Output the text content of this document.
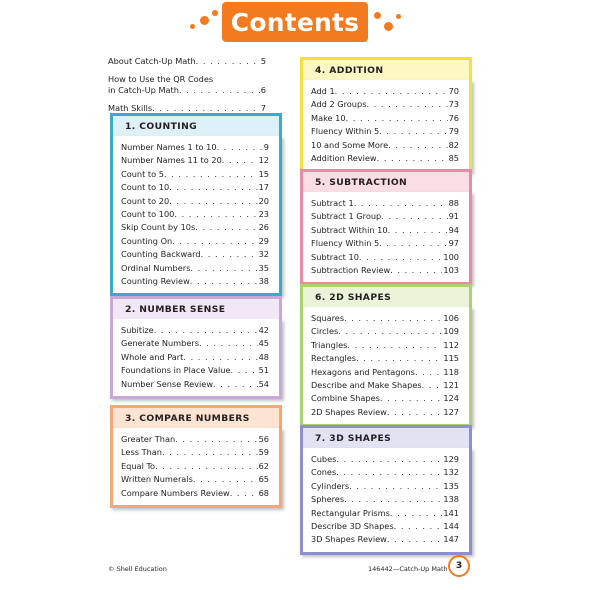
Contents
About Catch-Up Math . . .	5
How to Use the QR Codes
in Catch-Up Math . . .	6
Math Skills . . .	7
1. COUNTING
Number Names 1 to 10 . . .	9
Number Names 11 to 20 . . .	12
Count to 5 . . .	15
Count to 10 . . .	17
Count to 20 . . .	20
Count to 100 . . .	23
Skip Count by 10s . . .	26
Counting On . . .	29
Counting Backward . . .	32
Ordinal Numbers . . .	35
Counting Review . . .	38
2. NUMBER SENSE
Subitize . . .	42
Generate Numbers . . .	45
Whole and Part . . .	48
Foundations in Place Value . . .	51
Number Sense Review . . .	54
3. COMPARE NUMBERS
Greater Than . . .	56
Less Than . . .	59
Equal To . . .	62
Written Numerals . . .	65
Compare Numbers Review . . .	68
4. ADDITION
Add 1 . . .	70
Add 2 Groups . . .	73
Make 10 . . .	76
Fluency Within 5 . . .	79
10 and Some More . . .	82
Addition Review . . .	85
5. SUBTRACTION
Subtract 1 . . .	88
Subtract 1 Group . . .	91
Subtract Within 10 . . .	94
Fluency Within 5 . . .	97
Subtract 10 . . .	100
Subtraction Review . . .	103
6. 2D SHAPES
Squares . . .	106
Circles . . .	109
Triangles . . .	112
Rectangles . . .	115
Hexagons and Pentagons . . .	118
Describe and Make Shapes . . .	121
Combine Shapes . . .	124
2D Shapes Review . . .	127
7. 3D SHAPES
Cubes . . .	129
Cones . . .	132
Cylinders . . .	135
Spheres . . .	138
Rectangular Prisms . . .	141
Describe 3D Shapes . . .	144
3D Shapes Review . . .	147
© Shell Education	146442—Catch-Up Math 3
